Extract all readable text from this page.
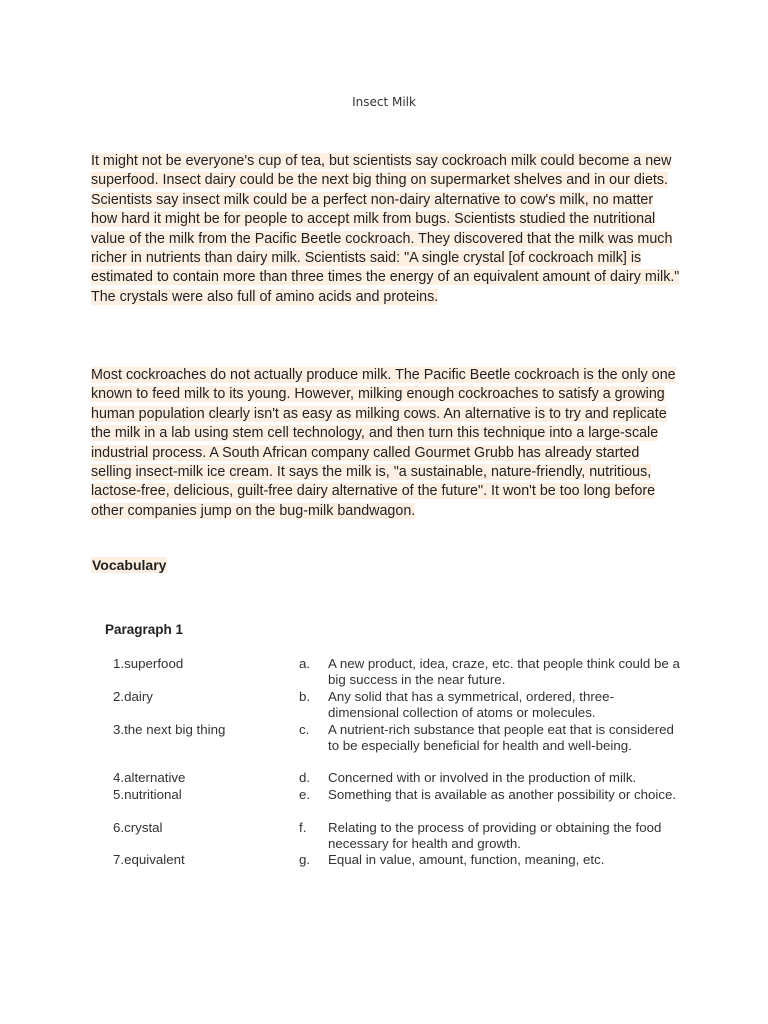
Insect Milk
It might not be everyone's cup of tea, but scientists say cockroach milk could become a new superfood. Insect dairy could be the next big thing on supermarket shelves and in our diets. Scientists say insect milk could be a perfect non-dairy alternative to cow's milk, no matter how hard it might be for people to accept milk from bugs. Scientists studied the nutritional value of the milk from the Pacific Beetle cockroach. They discovered that the milk was much richer in nutrients than dairy milk. Scientists said: "A single crystal [of cockroach milk] is estimated to contain more than three times the energy of an equivalent amount of dairy milk." The crystals were also full of amino acids and proteins.
Most cockroaches do not actually produce milk. The Pacific Beetle cockroach is the only one known to feed milk to its young. However, milking enough cockroaches to satisfy a growing human population clearly isn't as easy as milking cows. An alternative is to try and replicate the milk in a lab using stem cell technology, and then turn this technique into a large-scale industrial process. A South African company called Gourmet Grubb has already started selling insect-milk ice cream. It says the milk is, "a sustainable, nature-friendly, nutritious, lactose-free, delicious, guilt-free dairy alternative of the future". It won't be too long before other companies jump on the bug-milk bandwagon.
Vocabulary
Paragraph 1
1.superfood	a.	A new product, idea, craze, etc. that people think could be a big success in the near future.
2.dairy	b.	Any solid that has a symmetrical, ordered, three-dimensional collection of atoms or molecules.
3.the next big thing	c.	A nutrient-rich substance that people eat that is considered to be especially beneficial for health and well-being.
4.alternative	d.	Concerned with or involved in the production of milk.
5.nutritional	e.	Something that is available as another possibility or choice.
6.crystal	f.	Relating to the process of providing or obtaining the food necessary for health and growth.
7.equivalent	g.	Equal in value, amount, function, meaning, etc.
